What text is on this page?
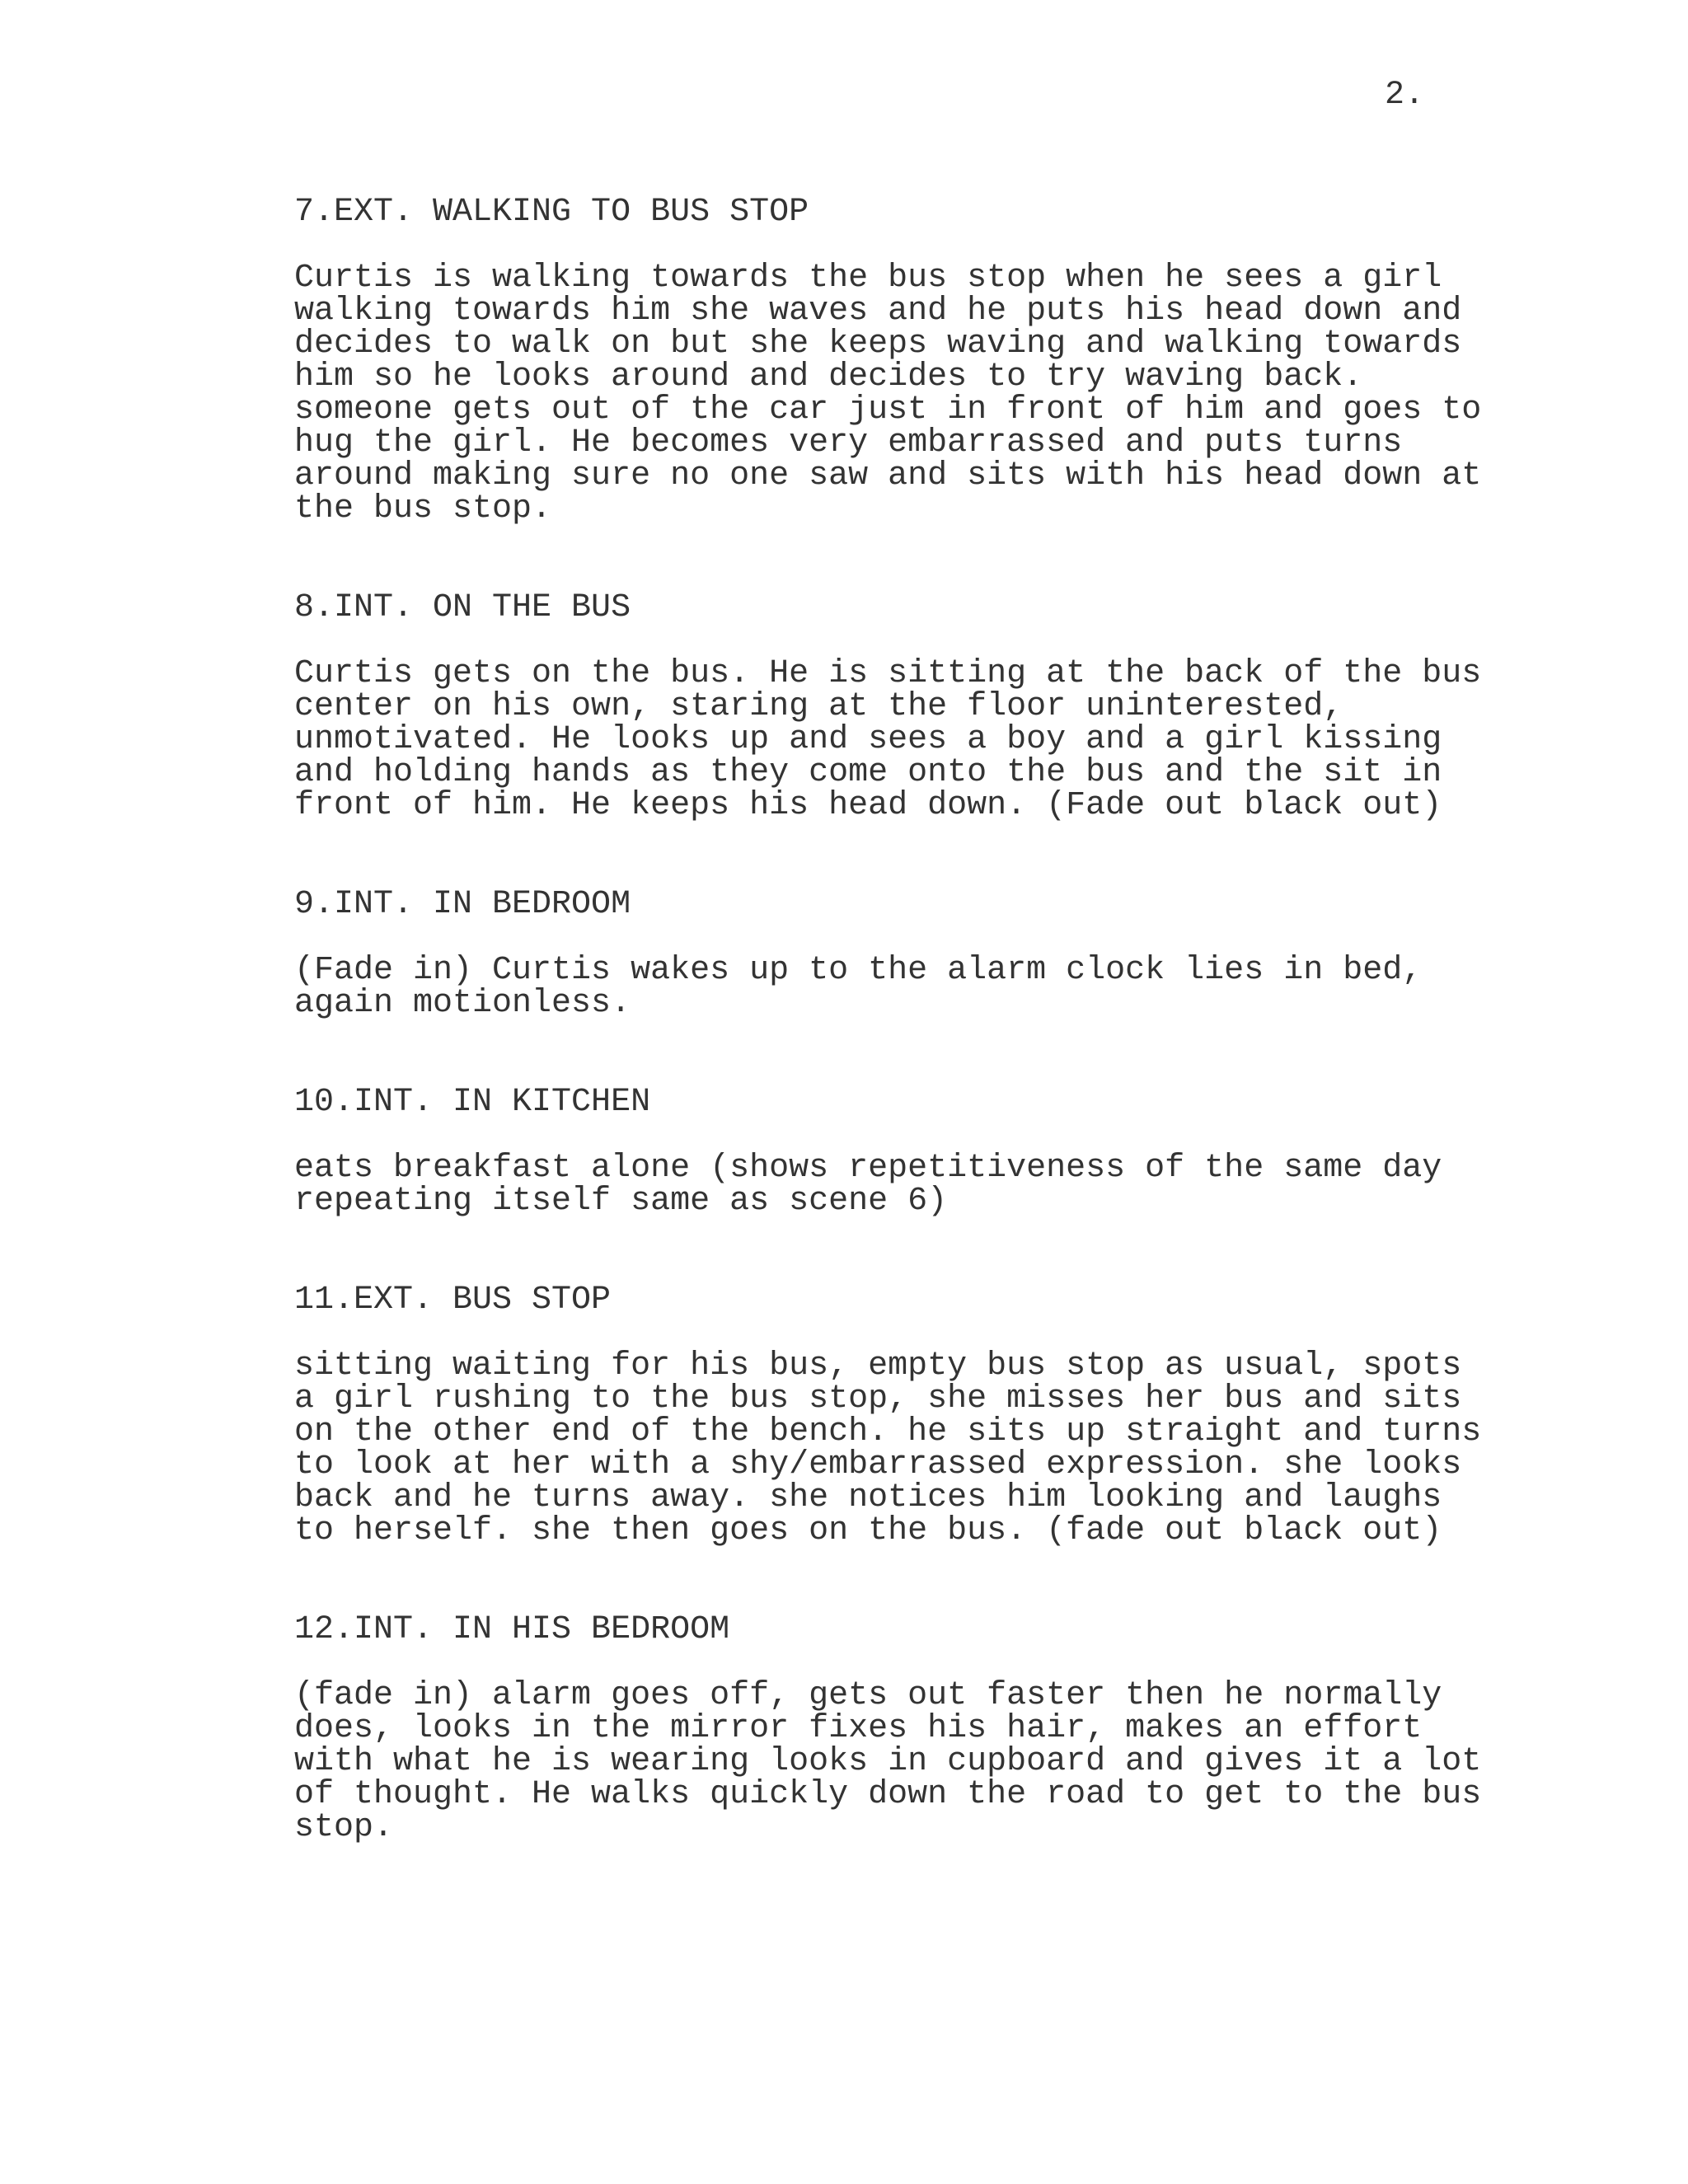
2.
7.EXT. WALKING TO BUS STOP
Curtis is walking towards the bus stop when he sees a girl
walking towards him she waves and he puts his head down and
decides to walk on but she keeps waving and walking towards
him so he looks around and decides to try waving back.
someone gets out of the car just in front of him and goes to
hug the girl. He becomes very embarrassed and puts turns
around making sure no one saw and sits with his head down at
the bus stop.
8.INT. ON THE BUS
Curtis gets on the bus. He is sitting at the back of the bus
center on his own, staring at the floor uninterested,
unmotivated. He looks up and sees a boy and a girl kissing
and holding hands as they come onto the bus and the sit in
front of him. He keeps his head down. (Fade out black out)
9.INT. IN BEDROOM
(Fade in) Curtis wakes up to the alarm clock lies in bed,
again motionless.
10.INT. IN KITCHEN
eats breakfast alone (shows repetitiveness of the same day
repeating itself same as scene 6)
11.EXT. BUS STOP
sitting waiting for his bus, empty bus stop as usual, spots
a girl rushing to the bus stop, she misses her bus and sits
on the other end of the bench. he sits up straight and turns
to look at her with a shy/embarrassed expression. she looks
back and he turns away. she notices him looking and laughs
to herself. she then goes on the bus. (fade out black out)
12.INT. IN HIS BEDROOM
(fade in) alarm goes off, gets out faster then he normally
does, looks in the mirror fixes his hair, makes an effort
with what he is wearing looks in cupboard and gives it a lot
of thought. He walks quickly down the road to get to the bus
stop.
